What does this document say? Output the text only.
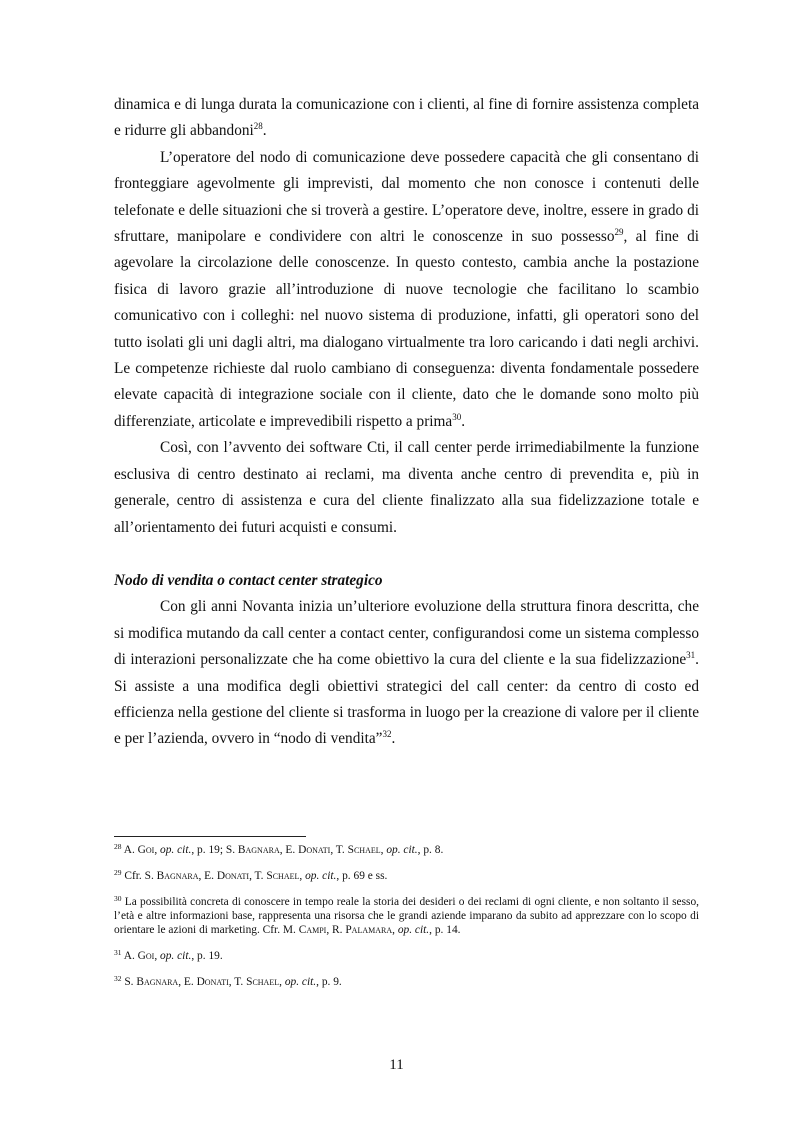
dinamica e di lunga durata la comunicazione con i clienti, al fine di fornire assistenza completa e ridurre gli abbandoni$^{28}$.

L’operatore del nodo di comunicazione deve possedere capacità che gli consentano di fronteggiare agevolmente gli imprevisti, dal momento che non conosce i contenuti delle telefonate e delle situazioni che si troverà a gestire. L’operatore deve, inoltre, essere in grado di sfruttare, manipolare e condividere con altri le conoscenze in suo possesso$^{29}$, al fine di agevolare la circolazione delle conoscenze. In questo contesto, cambia anche la postazione fisica di lavoro grazie all’introduzione di nuove tecnologie che facilitano lo scambio comunicativo con i colleghi: nel nuovo sistema di produzione, infatti, gli operatori sono del tutto isolati gli uni dagli altri, ma dialogano virtualmente tra loro caricando i dati negli archivi. Le competenze richieste dal ruolo cambiano di conseguenza: diventa fondamentale possedere elevate capacità di integrazione sociale con il cliente, dato che le domande sono molto più differenziate, articolate e imprevedibili rispetto a prima$^{30}$.

Così, con l’avvento dei software Cti, il call center perde irrimediabilmente la funzione esclusiva di centro destinato ai reclami, ma diventa anche centro di prevendita e, più in generale, centro di assistenza e cura del cliente finalizzato alla sua fidelizzazione totale e all’orientamento dei futuri acquisti e consumi.

Nodo di vendita o contact center strategico

Con gli anni Novanta inizia un’ulteriore evoluzione della struttura finora descritta, che si modifica mutando da call center a contact center, configurandosi come un sistema complesso di interazioni personalizzate che ha come obiettivo la cura del cliente e la sua fidelizzazione$^{31}$. Si assiste a una modifica degli obiettivi strategici del call center: da centro di costo ed efficienza nella gestione del cliente si trasforma in luogo per la creazione di valore per il cliente e per l’azienda, ovvero in “nodo di vendita”$^{32}$.

$^{28}$ A. Goi, op. cit., p. 19; S. Bagnara, E. Donati, T. Schael, op. cit., p. 8.

$^{29}$ Cfr. S. Bagnara, E. Donati, T. Schael, op. cit., p. 69 e ss.

$^{30}$ La possibilità concreta di conoscere in tempo reale la storia dei desideri o dei reclami di ogni cliente, e non soltanto il sesso, l’età e altre informazioni base, rappresenta una risorsa che le grandi aziende imparano da subito ad apprezzare con lo scopo di orientare le azioni di marketing. Cfr. M. Campi, R. Palamara, op. cit., p. 14.

$^{31}$ A. Goi, op. cit., p. 19.

$^{32}$ S. Bagnara, E. Donati, T. Schael, op. cit., p. 9.

11
